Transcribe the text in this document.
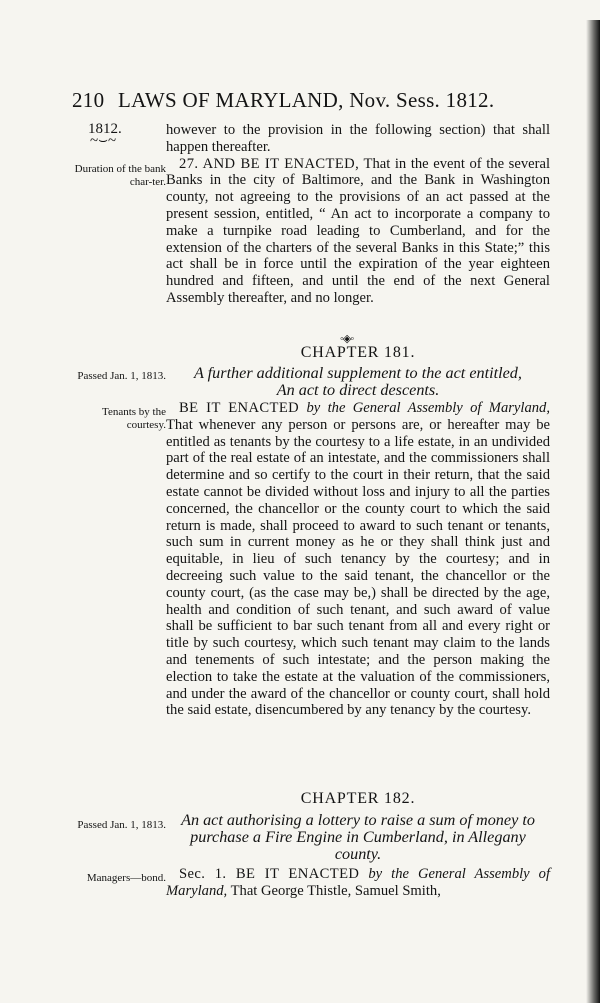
210 LAWS OF MARYLAND, Nov. Sess. 1812.
1812.
~⌣~
Duration of the bank char-ter.

however to the provision in the following section) that shall happen thereafter.

27. AND BE IT ENACTED, That in the event of the several Banks in the city of Baltimore, and the Bank in Washington county, not agreeing to the provisions of an act passed at the present session, entitled, “ An act to incorporate a company to make a turnpike road leading to Cumberland, and for the extension of the charters of the several Banks in this State;” this act shall be in force until the expiration of the year eighteen hundred and fifteen, and until the end of the next General Assembly thereafter, and no longer.

◦◈◦
CHAPTER 181.
Passed Jan. 1, 1813.	A further additional supplement to the act entitled,
An act to direct descents.
Tenants by the courtesy.

BE IT ENACTED by the General Assembly of Maryland, That whenever any person or persons are, or hereafter may be entitled as tenants by the courtesy to a life estate, in an undivided part of the real estate of an intestate, and the commissioners shall determine and so certify to the court in their return, that the said estate cannot be divided without loss and injury to all the parties concerned, the chancellor or the county court to which the said return is made, shall proceed to award to such tenant or tenants, such sum in current money as he or they shall think just and equitable, in lieu of such tenancy by the courtesy; and in decreeing such value to the said tenant, the chancellor or the county court, (as the case may be,) shall be directed by the age, health and condition of such tenant, and such award of value shall be sufficient to bar such tenant from all and every right or title by such courtesy, which such tenant may claim to the lands and tenements of such intestate; and the person making the election to take the estate at the valuation of the commissioners, and under the award of the chancellor or county court, shall hold the said estate, disencumbered by any tenancy by the courtesy.

CHAPTER 182.
Passed Jan. 1, 1813. An act authorising a lottery to raise a sum of money to purchase a Fire Engine in Cumberland, in Allegany county.
Managers—bond. Sec. 1. BE IT ENACTED by the General Assembly of Maryland, That George Thistle, Samuel Smith,
